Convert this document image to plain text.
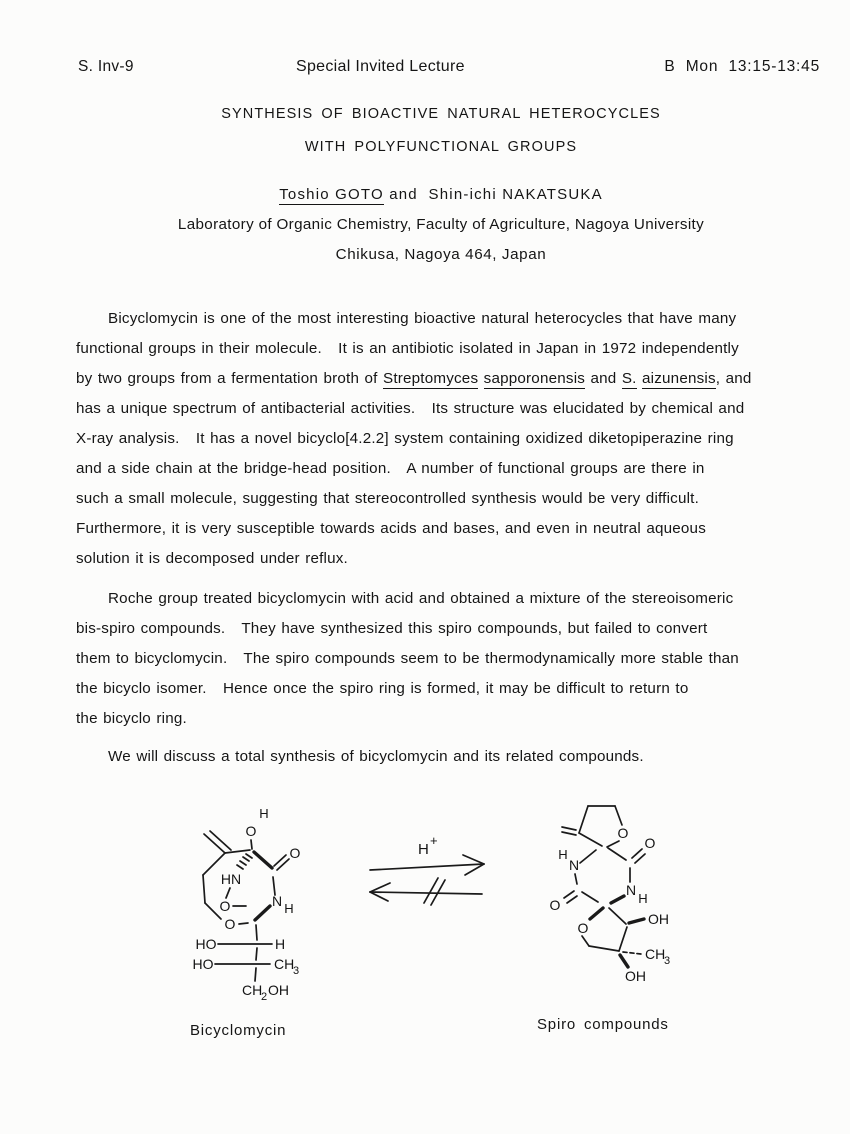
S. Inv-9	Special Invited Lecture	B  Mon  13:15-13:45
SYNTHESIS OF BIOACTIVE NATURAL HETEROCYCLES
WITH POLYFUNCTIONAL GROUPS
Toshio GOTO and  Shin-ichi NAKATSUKA
Laboratory of Organic Chemistry, Faculty of Agriculture, Nagoya University
Chikusa, Nagoya 464, Japan
Bicyclomycin is one of the most interesting bioactive natural heterocycles that have many
functional groups in their molecule.   It is an antibiotic isolated in Japan in 1972 independently
by two groups from a fermentation broth of Streptomyces sapporonensis and S. aizunensis, and
has a unique spectrum of antibacterial activities.   Its structure was elucidated by chemical and
X-ray analysis.   It has a novel bicyclo[4.2.2] system containing oxidized diketopiperazine ring
and a side chain at the bridge-head position.   A number of functional groups are there in
such a small molecule, suggesting that stereocontrolled synthesis would be very difficult.
Furthermore, it is very susceptible towards acids and bases, and even in neutral aqueous
solution it is decomposed under reflux.
Roche group treated bicyclomycin with acid and obtained a mixture of the stereoisomeric
bis-spiro compounds.   They have synthesized this spiro compounds, but failed to convert
them to bicyclomycin.   The spiro compounds seem to be thermodynamically more stable than
the bicyclo isomer.   Hence once the spiro ring is formed, it may be difficult to return to
the bicyclo ring.
We will discuss a total synthesis of bicyclomycin and its related compounds.
O
H
O
HN
O
O
N H
HO	H
HO	CH
3
CH
2 OH
H
+	O
H
N
O
O
N
H
O
OH
CH
3
OH
Bicyclomycin	Spiro compounds
